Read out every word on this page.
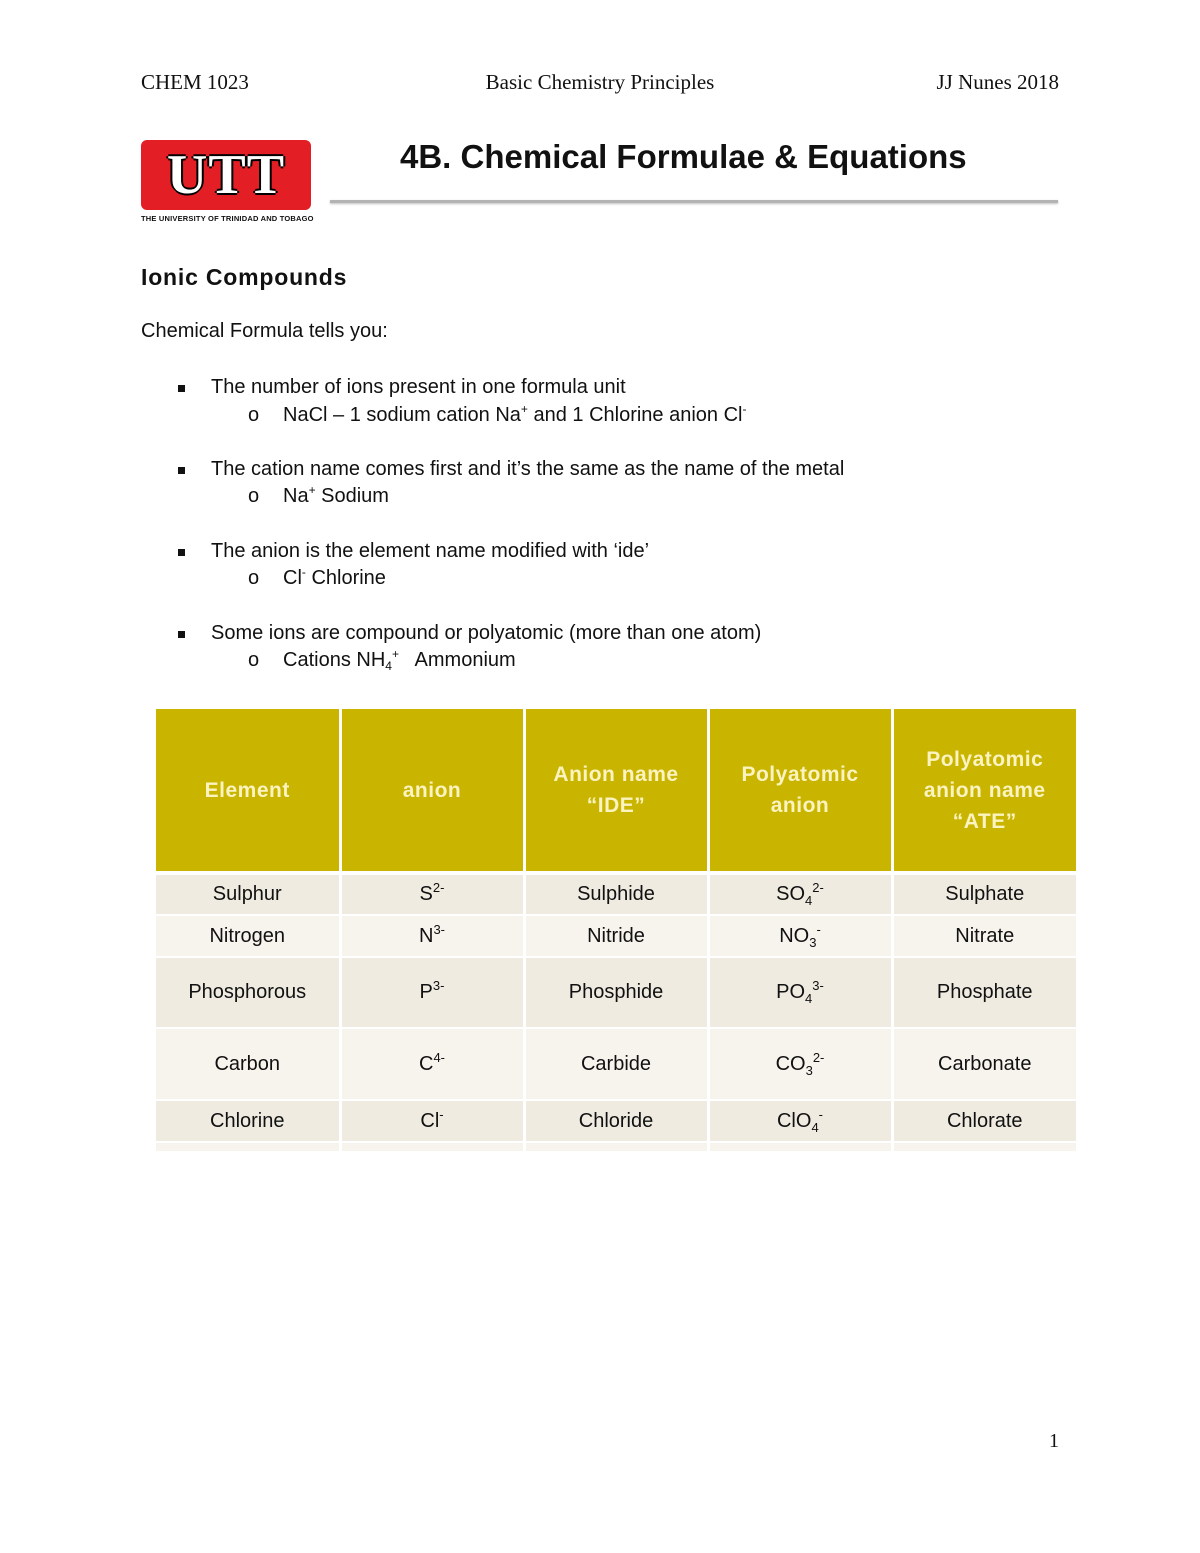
CHEM 1023	Basic Chemistry Principles	JJ Nunes 2018
UTT
THE UNIVERSITY OF TRINIDAD AND TOBAGO
4B. Chemical Formulae & Equations
Ionic Compounds
Chemical Formula tells you:
The number of ions present in one formula unit
o NaCl – 1 sodium cation Na+ and 1 Chlorine anion Cl-
The cation name comes first and it’s the same as the name of the metal
o Na+ Sodium
The anion is the element name modified with ‘ide’
o Cl- Chlorine
Some ions are compound or polyatomic (more than one atom)
o Cations $NH_4^+$   Ammonium
Element	anion	Anion name “IDE”	Polyatomic anion	Polyatomic anion name “ATE”

Sulphur	$S^{2-}$	Sulphide	$SO_4^{2-}$	Sulphate
Nitrogen	$N^{3-}$	Nitride	$NO_3^-$	Nitrate
Phosphorous	$P^{3-}$	Phosphide	$PO_4^{3-}$	Phosphate
Carbon	$C^{4-}$	Carbide	$CO_3^{2-}$	Carbonate
Chlorine	Cl-	Chloride	ClO$_4$-	Chlorate

1
